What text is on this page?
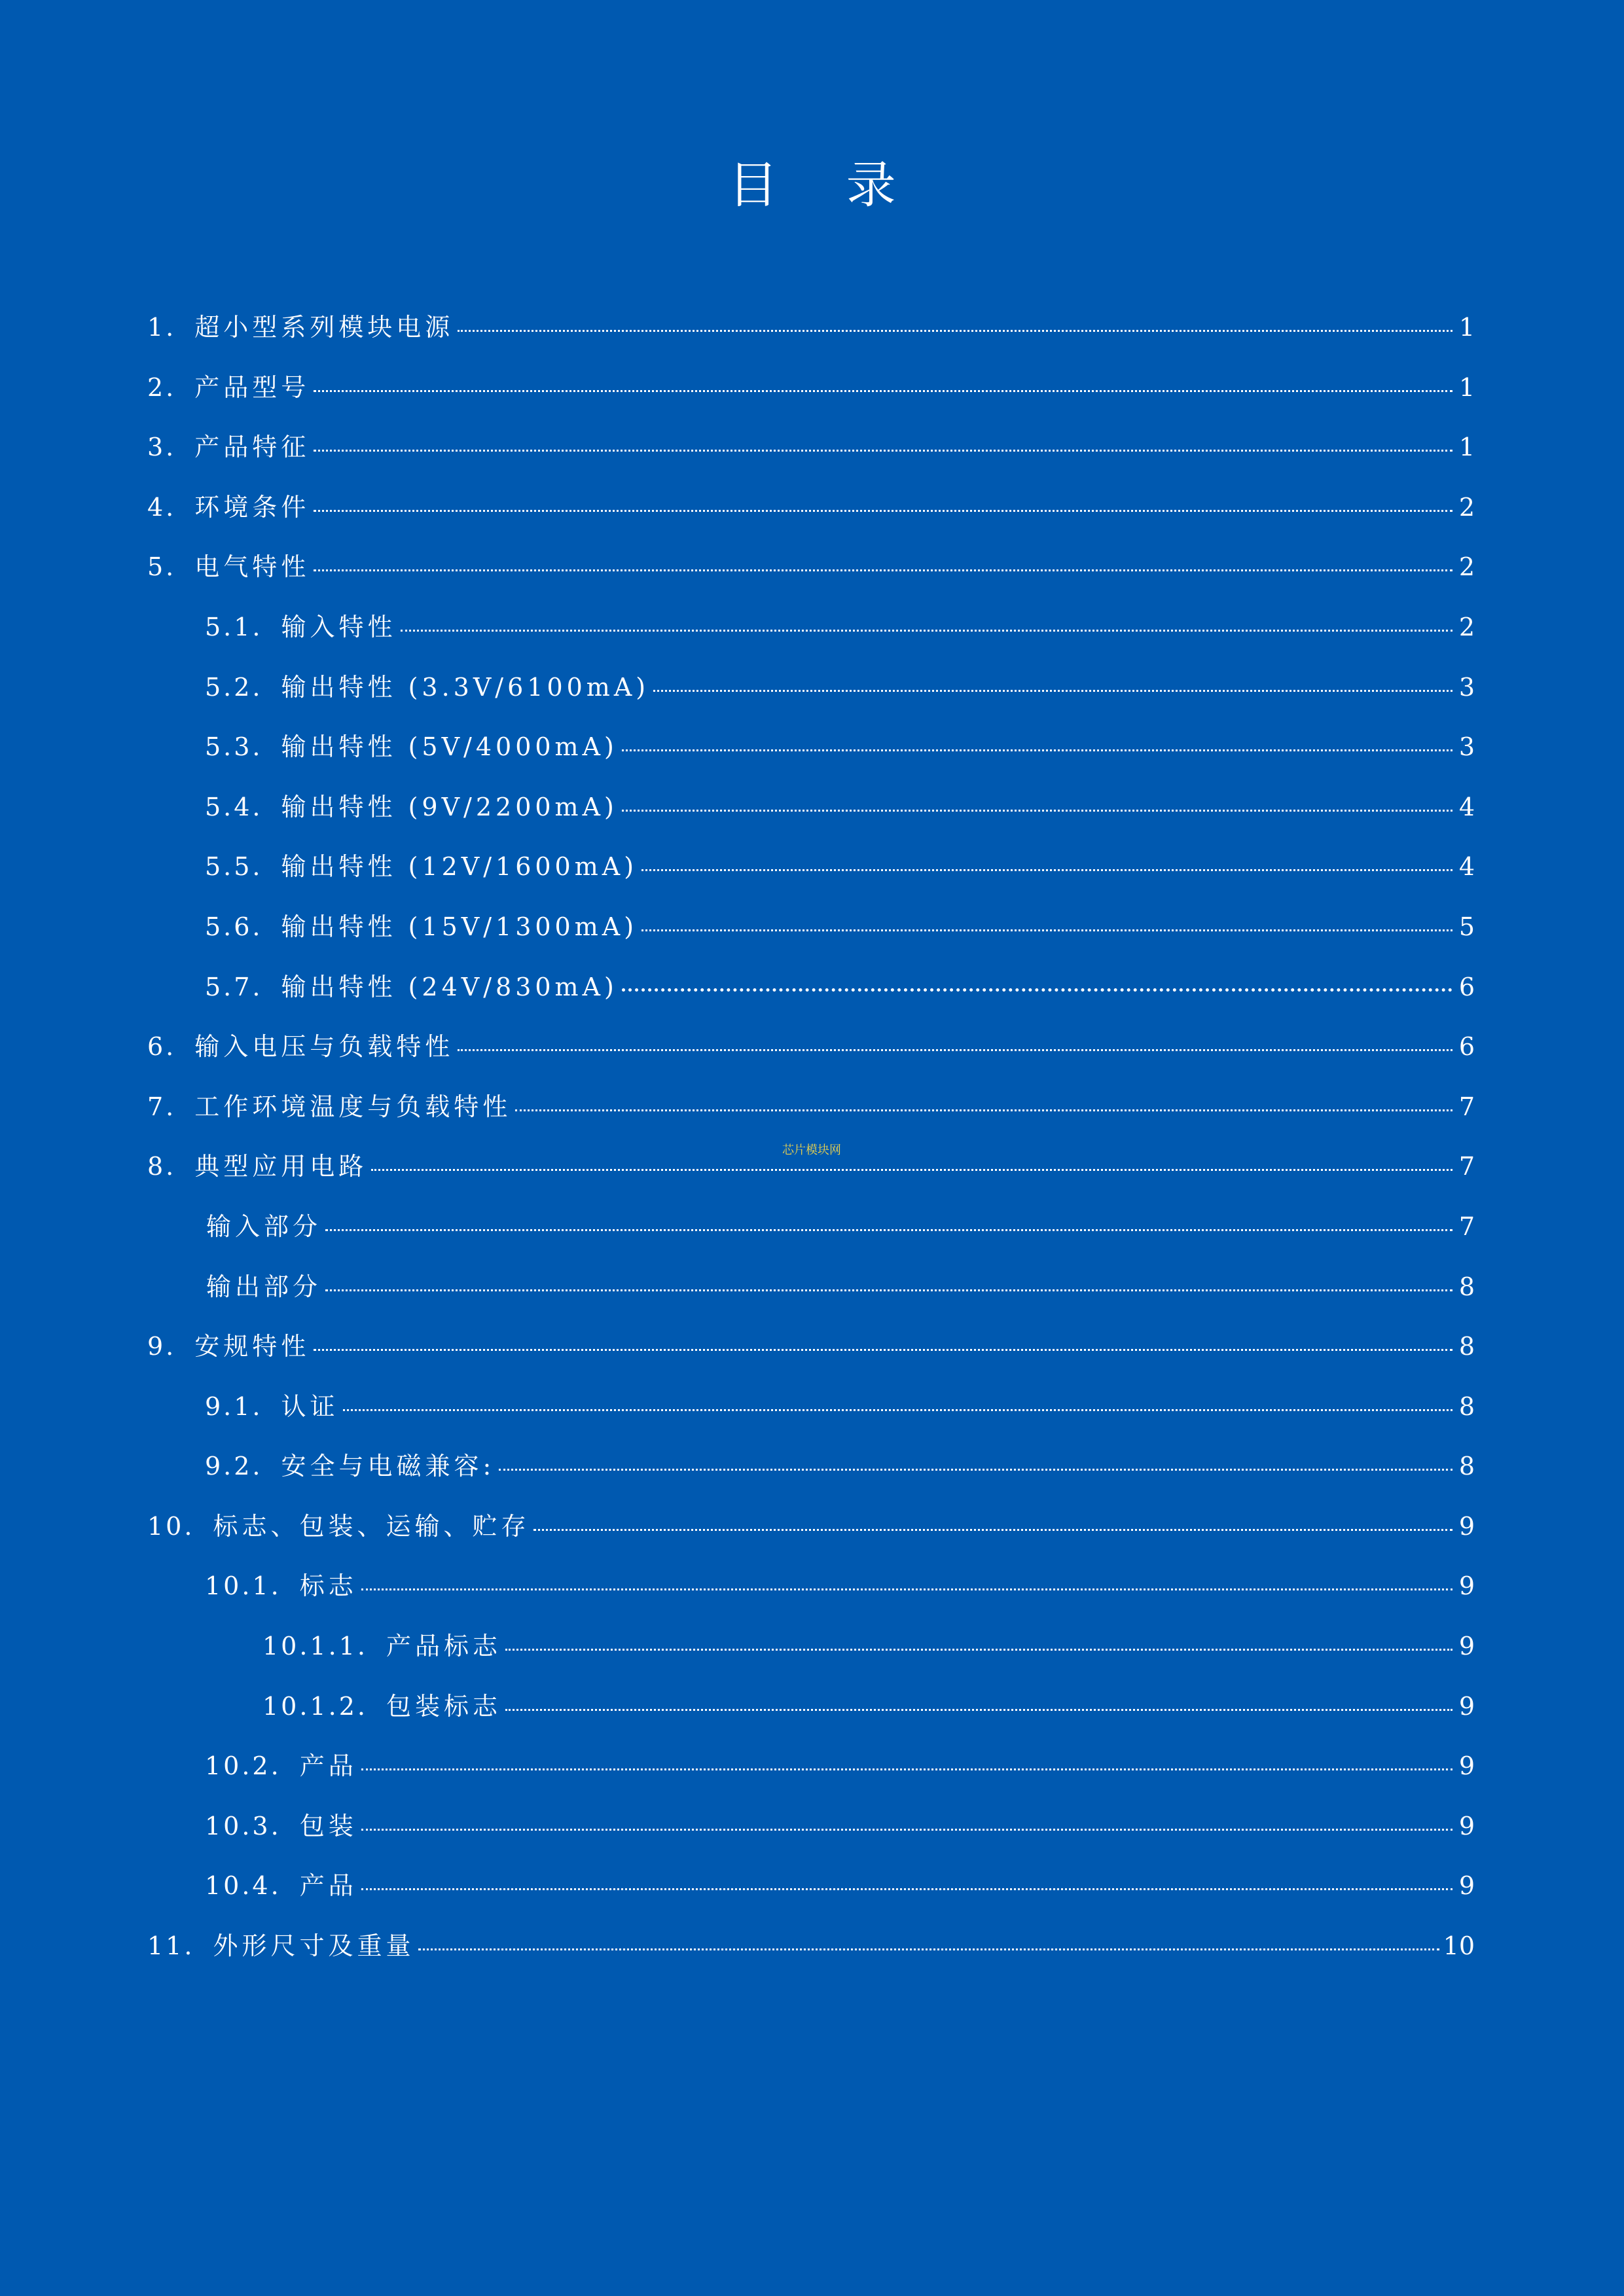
目 录
1. 超小型系列模块电源	1
2. 产品型号	1
3. 产品特征	1
4. 环境条件	2
5. 电气特性	2
5.1. 输入特性	2
5.2. 输出特性 (3.3V/6100mA)	3
5.3. 输出特性 (5V/4000mA)	3
5.4. 输出特性 (9V/2200mA)	4
5.5. 输出特性 (12V/1600mA)	4
5.6. 输出特性 (15V/1300mA)	5
5.7. 输出特性 (24V/830mA)	6
6. 输入电压与负载特性	6
7. 工作环境温度与负载特性	7
8. 典型应用电路	7
输入部分	7
输出部分	8
9. 安规特性	8
9.1. 认证	8
9.2. 安全与电磁兼容:	8
10. 标志、包装、运输、贮存	9
10.1. 标志	9
10.1.1. 产品标志	9
10.1.2. 包装标志	9
10.2. 产品	9
10.3. 包装	9
10.4. 产品	9
11. 外形尺寸及重量	10
芯片模块网
